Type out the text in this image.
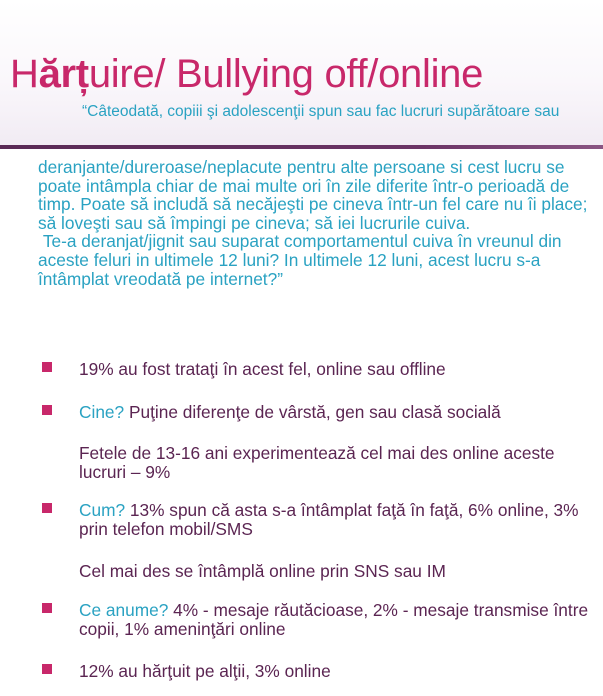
Hărțuire/ Bullying off/online
“Câteodată, copiii şi adolescenţii spun sau fac lucruri supărătoare sau

deranjante/dureroase/neplacute pentru alte persoane si cest lucru se poate intâmpla chiar de mai multe ori în zile diferite într-o perioadă de timp. Poate să includă să necăjeşti pe cineva într-un fel care nu îi place; să loveşti sau să împingi pe cineva; să iei lucrurile cuiva.

Te-a deranjat/jignit sau suparat comportamentul cuiva în vreunul din aceste feluri in ultimele 12 luni? In ultimele 12 luni, acest lucru s-a întâmplat vreodată pe internet?”

19% au fost trataţi în acest fel, online sau offline
Cine? Puţine diferenţe de vârstă, gen sau clasă socială
Fetele de 13-16 ani experimentează cel mai des online aceste lucruri – 9%
Cum? 13% spun că asta s-a întâmplat faţă în faţă, 6% online, 3% prin telefon mobil/SMS
Cel mai des se întâmplă online prin SNS sau IM
Ce anume? 4% - mesaje răutăcioase, 2% - mesaje transmise între copii, 1% ameninţări online
12% au hărţuit pe alţii, 3% online
